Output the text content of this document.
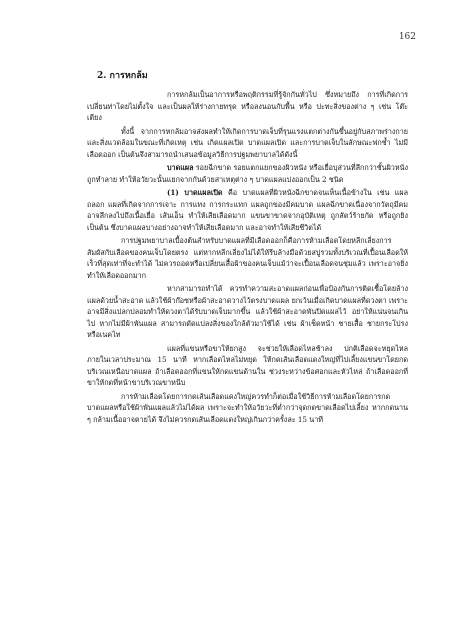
162
2. การหกล้ม

การหกล้มเป็นอาการหรือพฤติกรรมที่รู้จักกันทั่วไป ซึ่งหมายถึง การที่เกิดการเปลี่ยนท่าโดยไม่ตั้งใจ และเป็นผลให้ร่างกายทรุด หรือลงนอนกับพื้น หรือ ปะทะสิ่งของต่าง ๆ เช่น โต๊ะ เตียง

ทั้งนี้ จากการหกล้มอาจส่งผลทำให้เกิดการบาดเจ็บที่รุนแรงแตกต่างกันขึ้นอยู่กับสภาพร่างกาย และสิ่งแวดล้อมในขณะที่เกิดเหตุ เช่น เกิดแผลเปิด บาดแผลเปิด และการบาดเจ็บในลักษณะฟกช้ำ ไม่มีเลือดออก เป็นต้นจึงสามารถนำเสนอข้อมูลวิธีการปฐมพยาบาลได้ดังนี้

บาดแผล รอยฉีกขาด รอยแตกแยกของผิวหนัง หรือเยื่อบุส่วนที่ลึกกว่าชั้นผิวหนังถูกทำลาย ทำให้อวัยวะนั้นแยกจากกันด้วยสาเหตุต่าง ๆ บาดแผลแบ่งออกเป็น 2 ชนิด

(1) บาดแผลเปิด คือ บาดแผลที่ผิวหนังฉีกขาดจนเห็นเนื้อข้างใน เช่น แผลถลอก แผลที่เกิดจากการเจาะ การแทง การกระแทก แผลถูกของมีคมบาด แผลฉีกขาดเนื่องจากวัตถุมีคมอาจลึกลงไปถึงเนื้อเยื่อ เส้นเอ็น ทำให้เสียเลือดมาก แขนขาขาดจากอุบัติเหตุ ถูกสัตว์ร้ายกัด หรือถูกยิง เป็นต้น ซึ่งบาดแผลบางอย่างอาจทำให้เสียเลือดมาก และอาจทำให้เสียชีวิตได้

การปฐมพยาบาลเบื้องต้นสำหรับบาดแผลที่มีเลือดออกก็คือการห้ามเลือดโดยหลีกเลี่ยงการสัมผัสกับเลือดของคนเจ็บโดยตรง แต่หากหลีกเลี่ยงไม่ได้ให้รีบล้างมือด้วยสบู่รวมทั้งบริเวณที่เปื้อนเลือดให้เร็วที่สุดเท่าที่จะทำได้ ไม่ควรถอดหรือเปลี่ยนเสื้อผ้าของคนเจ็บแม้ว่าจะเปื้อนเลือดจนชุ่มแล้ว เพราะอาจยิ่งทำให้เลือดออกมาก

หากสามารถทำได้ ควรทำความสะอาดแผลก่อนเพื่อป้องกันการติดเชื้อโดยล้างแผลด้วยน้ำสะอาด แล้วใช้ผ้าก๊อซหรือผ้าสะอาดวางไว้ตรงบาดแผล ยกเว้นเมื่อเกิดบาดแผลที่ดวงตา เพราะอาจมีสิ่งแปลกปลอมทำให้ดวงตาได้รับบาดเจ็บมากขึ้น แล้วใช้ผ้าสะอาดพันปิดแผลไว้ อย่าให้แน่นจนเกินไป หากไม่มีผ้าพันแผล สามารถดัดแปลงสิ่งของใกล้ตัวมาใช้ได้ เช่น ผ้าเช็ดหน้า ชายเสื้อ ชายกระโปรง หรือเนคไท

แผลที่แขนหรือขาให้ยกสูง จะช่วยให้เลือดไหลช้าลง ปกติเลือดจะหยุดไหลภายในเวลาประมาณ 15 นาที หากเลือดไหลไม่หยุด ให้กดเส้นเลือดแดงใหญ่ที่ไปเลี้ยงแขนขาโดยกดบริเวณเหนือบาดแผล ถ้าเลือดออกที่แขนให้กดแขนด้านใน ช่วงระหว่างข้อศอกและหัวไหล่ ถ้าเลือดออกที่ขาให้กดที่หน้าขาบริเวณขาหนีบ

การห้ามเลือดโดยการกดเส้นเลือดแดงใหญ่ควรทำก็ต่อเมื่อใช้วิธีการห้ามเลือดโดยการกดบาดแผลหรือใช้ผ้าพันแผลแล้วไม่ได้ผล เพราะจะทำให้อวัยวะที่ต่ำกว่าจุดกดขาดเลือดไปเลี้ยง หากกดนาน ๆ กล้ามเนื้ออาจตายได้ จึงไม่ควรกดเส้นเลือดแดงใหญ่เกินกว่าครั้งละ 15 นาที
